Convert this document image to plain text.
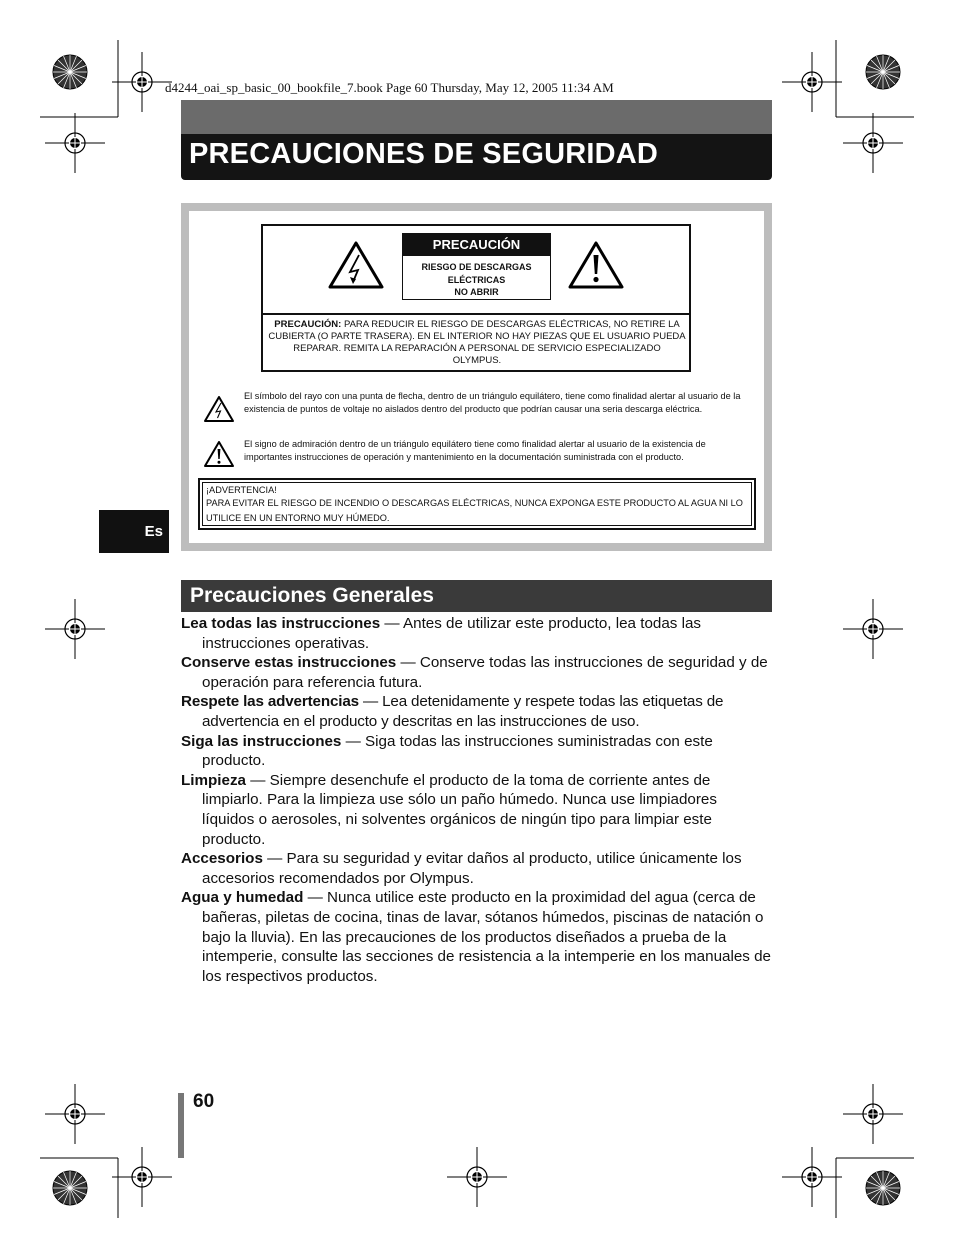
d4244_oai_sp_basic_00_bookfile_7.book Page 60 Thursday, May 12, 2005 11:34 AM
PRECAUCIONES DE SEGURIDAD
Es
PRECAUCIÓN
RIESGO DE DESCARGAS
ELÉCTRICAS
NO ABRIR
PRECAUCIÓN: PARA REDUCIR EL RIESGO DE DESCARGAS ELÉCTRICAS, NO RETIRE LA CUBIERTA (O PARTE TRASERA). EN EL INTERIOR NO HAY PIEZAS QUE EL USUARIO PUEDA REPARAR. REMITA LA REPARACIÓN A PERSONAL DE SERVICIO ESPECIALIZADO OLYMPUS.
El símbolo del rayo con una punta de flecha, dentro de un triángulo equilátero, tiene como finalidad alertar al usuario de la existencia de puntos de voltaje no aislados dentro del producto que podrían causar una seria descarga eléctrica.
El signo de admiración dentro de un triángulo equilátero tiene como finalidad alertar al usuario de la existencia de importantes instrucciones de operación y mantenimiento en la documentación suministrada con el producto.
¡ADVERTENCIA!
PARA EVITAR EL RIESGO DE INCENDIO O DESCARGAS ELÉCTRICAS, NUNCA EXPONGA ESTE PRODUCTO AL AGUA NI LO UTILICE EN UN ENTORNO MUY HÚMEDO.
Precauciones Generales

Lea todas las instrucciones — Antes de utilizar este producto, lea todas las instrucciones operativas.

Conserve estas instrucciones — Conserve todas las instrucciones de seguridad y de operación para referencia futura.

Respete las advertencias — Lea detenidamente y respete todas las etiquetas de advertencia en el producto y descritas en las instrucciones de uso.

Siga las instrucciones — Siga todas las instrucciones suministradas con este producto.

Limpieza — Siempre desenchufe el producto de la toma de corriente antes de limpiarlo. Para la limpieza use sólo un paño húmedo. Nunca use limpiadores líquidos o aerosoles, ni solventes orgánicos de ningún tipo para limpiar este producto.

Accesorios — Para su seguridad y evitar daños al producto, utilice únicamente los accesorios recomendados por Olympus.

Agua y humedad — Nunca utilice este producto en la proximidad del agua (cerca de bañeras, piletas de cocina, tinas de lavar, sótanos húmedos, piscinas de natación o bajo la lluvia). En las precauciones de los productos diseñados a prueba de la intemperie, consulte las secciones de resistencia a la intemperie en los manuales de los respectivos productos.

60
